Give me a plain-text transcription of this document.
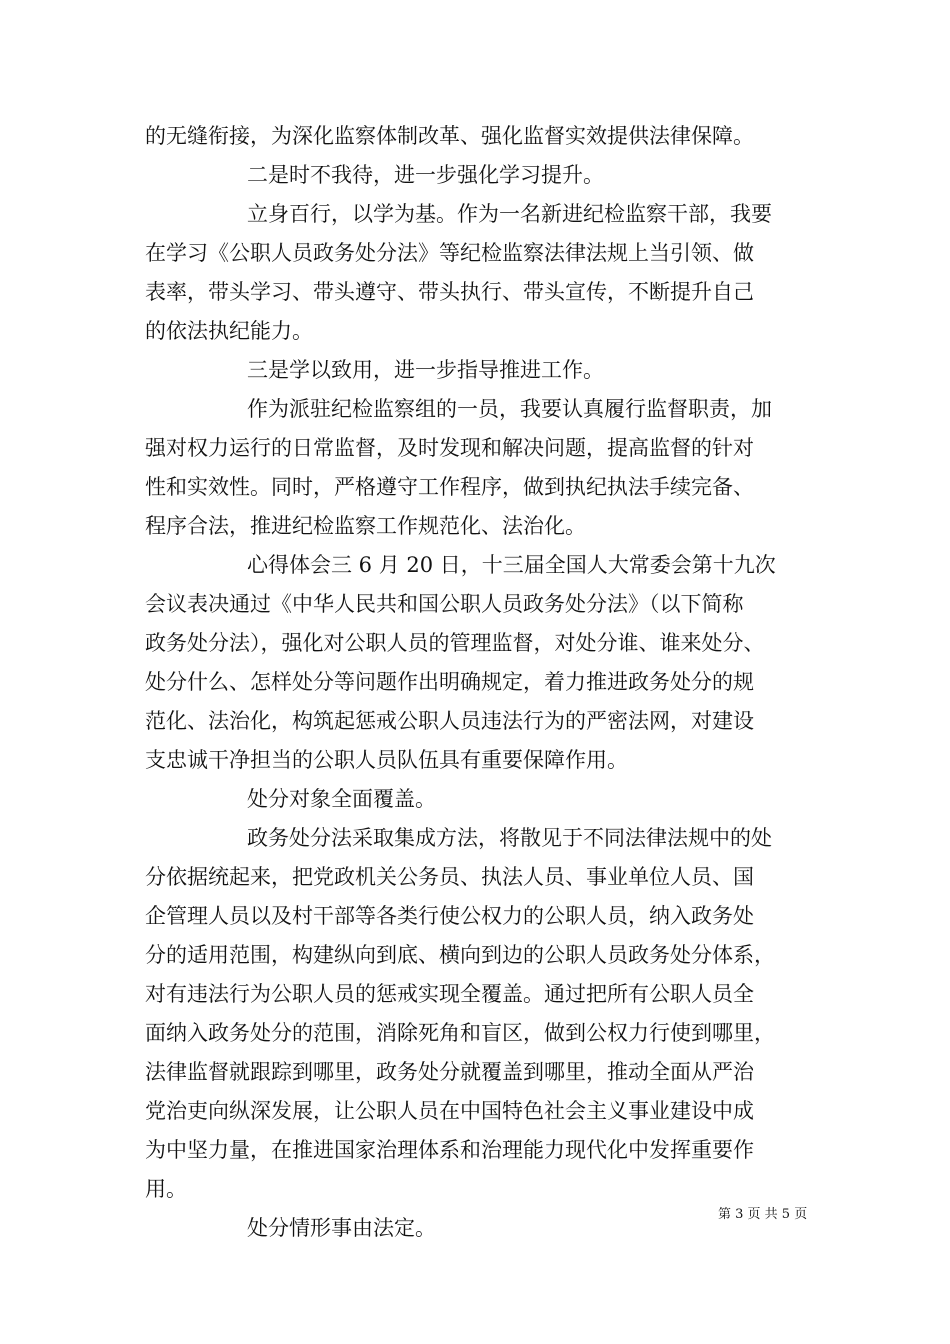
的无缝衔接，为深化监察体制改革、强化监督实效提供法律保障。
二是时不我待，进一步强化学习提升。
立身百行，以学为基。作为一名新进纪检监察干部，我要
在学习《公职人员政务处分法》等纪检监察法律法规上当引领、做
表率，带头学习、带头遵守、带头执行、带头宣传，不断提升自己
的依法执纪能力。
三是学以致用，进一步指导推进工作。
作为派驻纪检监察组的一员，我要认真履行监督职责，加
强对权力运行的日常监督，及时发现和解决问题，提高监督的针对
性和实效性。同时，严格遵守工作程序，做到执纪执法手续完备、
程序合法，推进纪检监察工作规范化、法治化。
心得体会三 6 月 20 日，十三届全国人大常委会第十九次
会议表决通过《中华人民共和国公职人员政务处分法》（以下简称
政务处分法），强化对公职人员的管理监督，对处分谁、谁来处分、
处分什么、怎样处分等问题作出明确规定，着力推进政务处分的规
范化、法治化，构筑起惩戒公职人员违法行为的严密法网，对建设
支忠诚干净担当的公职人员队伍具有重要保障作用。
处分对象全面覆盖。
政务处分法采取集成方法，将散见于不同法律法规中的处
分依据统起来，把党政机关公务员、执法人员、事业单位人员、国
企管理人员以及村干部等各类行使公权力的公职人员，纳入政务处
分的适用范围，构建纵向到底、横向到边的公职人员政务处分体系，
对有违法行为公职人员的惩戒实现全覆盖。通过把所有公职人员全
面纳入政务处分的范围，消除死角和盲区，做到公权力行使到哪里，
法律监督就跟踪到哪里，政务处分就覆盖到哪里，推动全面从严治
党治吏向纵深发展，让公职人员在中国特色社会主义事业建设中成
为中坚力量，在推进国家治理体系和治理能力现代化中发挥重要作
用。
处分情形事由法定。
第 3 页 共 5 页
